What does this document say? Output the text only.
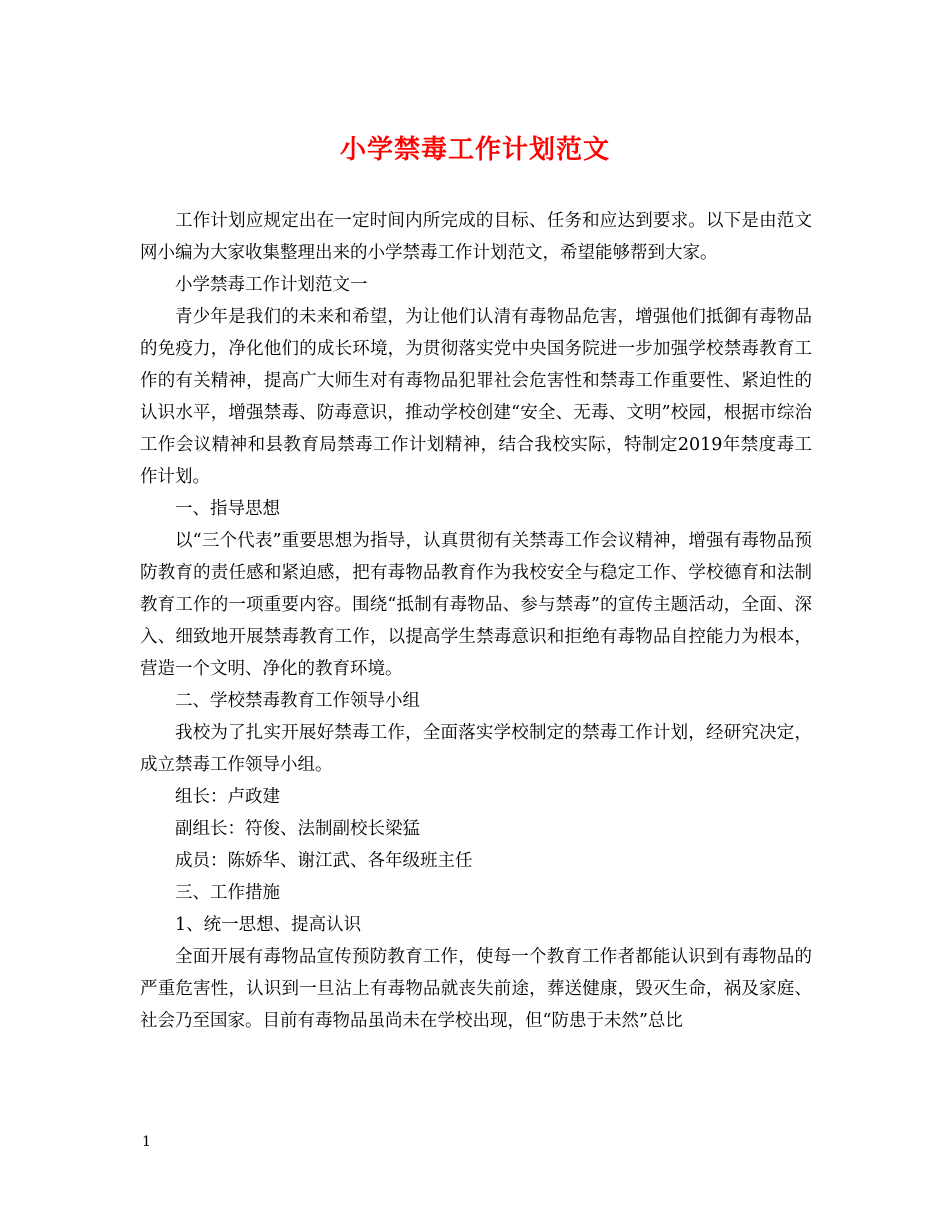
小学禁毒工作计划范文

工作计划应规定出在一定时间内所完成的目标、任务和应达到要求。以下是由范文网小编为大家收集整理出来的小学禁毒工作计划范文，希望能够帮到大家。

小学禁毒工作计划范文一

青少年是我们的未来和希望，为让他们认清有毒物品危害，增强他们抵御有毒物品的免疫力，净化他们的成长环境，为贯彻落实党中央国务院进一步加强学校禁毒教育工作的有关精神，提高广大师生对有毒物品犯罪社会危害性和禁毒工作重要性、紧迫性的认识水平，增强禁毒、防毒意识，推动学校创建“安全、无毒、文明”校园，根据市综治工作会议精神和县教育局禁毒工作计划精神，结合我校实际，特制定2019年禁度毒工作计划。

一、指导思想

以“三个代表”重要思想为指导，认真贯彻有关禁毒工作会议精神，增强有毒物品预防教育的责任感和紧迫感，把有毒物品教育作为我校安全与稳定工作、学校德育和法制教育工作的一项重要内容。围绕“抵制有毒物品、参与禁毒”的宣传主题活动，全面、深入、细致地开展禁毒教育工作，以提高学生禁毒意识和拒绝有毒物品自控能力为根本，营造一个文明、净化的教育环境。

二、学校禁毒教育工作领导小组

我校为了扎实开展好禁毒工作，全面落实学校制定的禁毒工作计划，经研究决定，成立禁毒工作领导小组。

组长：卢政建

副组长：符俊、法制副校长梁猛

成员：陈娇华、谢江武、各年级班主任

三、工作措施

1、统一思想、提高认识

全面开展有毒物品宣传预防教育工作，使每一个教育工作者都能认识到有毒物品的严重危害性，认识到一旦沾上有毒物品就丧失前途，葬送健康，毁灭生命，祸及家庭、社会乃至国家。目前有毒物品虽尚未在学校出现，但“防患于未然”总比

1
